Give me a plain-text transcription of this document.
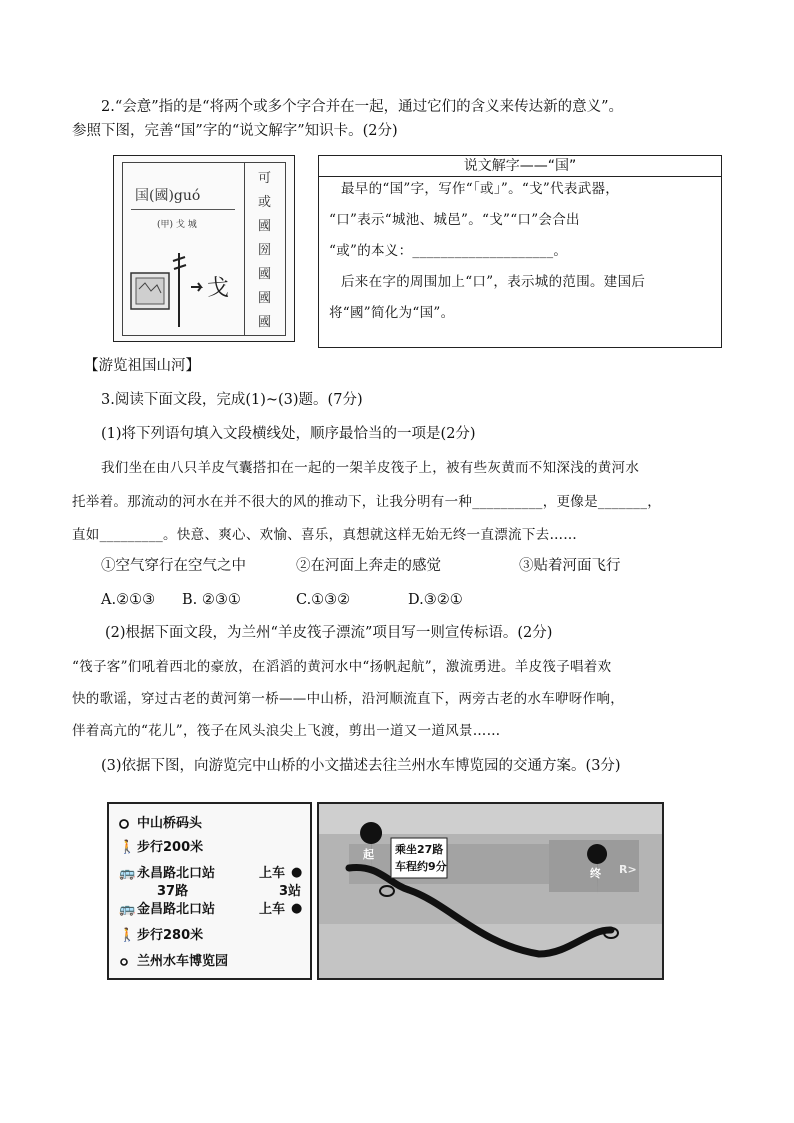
2.“会意”指的是“将两个或多个字合并在一起，通过它们的含义来传达新的意义”。
参照下图，完善“国”字的“说文解字”知识卡。(2分)
国(國)guó
(甲) 戈 城
戈
可
或
國
圀
國
國
國
说文解字——“国”
最早的“国”字，写作“「或」”。“戈”代表武器，
“口”表示“城池、城邑”。“戈”“口”会合出
“或”的本义：____________________。
后来在字的周围加上“口”，表示城的范围。建国后
将“國”简化为“国”。
【游览祖国山河】
3.阅读下面文段，完成(1)~(3)题。(7分)
(1)将下列语句填入文段横线处，顺序最恰当的一项是(2分)
我们坐在由八只羊皮气囊搭扣在一起的一架羊皮筏子上，被有些灰黄而不知深浅的黄河水
托举着。那流动的河水在并不很大的风的推动下，让我分明有一种__________，更像是_______，
直如_________。快意、爽心、欢愉、喜乐，真想就这样无始无终一直漂流下去……
①空气穿行在空气之中	②在河面上奔走的感觉	③贴着河面飞行
A.②①③ B. ②③①	C.①③②	D.③②①
(2)根据下面文段，为兰州“羊皮筏子漂流”项目写一则宣传标语。(2分)
“筏子客”们吼着西北的豪放，在滔滔的黄河水中“扬帆起航”，激流勇进。羊皮筏子唱着欢
快的歌谣，穿过古老的黄河第一桥——中山桥，沿河顺流直下，两旁古老的水车咿呀作响，
伴着高亢的“花儿”，筏子在风头浪尖上飞渡，剪出一道又一道风景……
(3)依据下图，向游览完中山桥的小文描述去往兰州水车博览园的交通方案。(3分)
中山桥码头
🚶 步行200米
🚌 永昌路北口站	上车 ●
37路	3站
🚌 金昌路北口站	上车 ●
🚶 步行280米
兰州水车博览园
起
终
乘坐27路
车程约9分	R>
